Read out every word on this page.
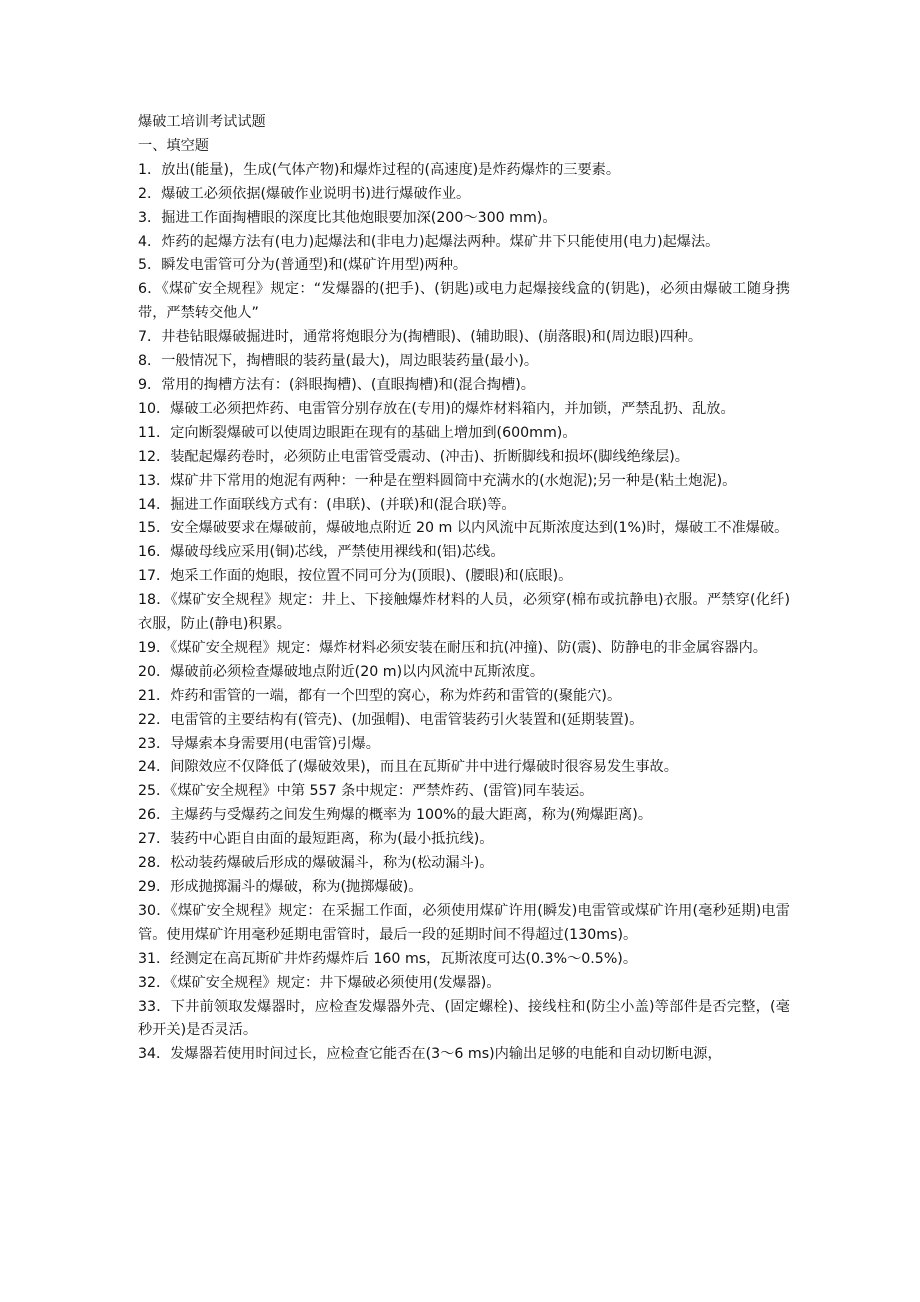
爆破工培训考试试题

一、填空题

1．放出(能量)，生成(气体产物)和爆炸过程的(高速度)是炸药爆炸的三要素。

2．爆破工必须依据(爆破作业说明书)进行爆破作业。

3．掘进工作面掏槽眼的深度比其他炮眼要加深(200～300 mm)。

4．炸药的起爆方法有(电力)起爆法和(非电力)起爆法两种。煤矿井下只能使用(电力)起爆法。

5．瞬发电雷管可分为(普通型)和(煤矿许用型)两种。

6．《煤矿安全规程》规定：“发爆器的(把手)、(钥匙)或电力起爆接线盒的(钥匙)，必须由爆破工随身携带，严禁转交他人”

7．井巷钻眼爆破掘进时，通常将炮眼分为(掏槽眼)、(辅助眼)、(崩落眼)和(周边眼)四种。

8．一般情况下，掏槽眼的装药量(最大)，周边眼装药量(最小)。

9．常用的掏槽方法有：(斜眼掏槽)、(直眼掏槽)和(混合掏槽)。

10．爆破工必须把炸药、电雷管分别存放在(专用)的爆炸材料箱内，并加锁，严禁乱扔、乱放。

11．定向断裂爆破可以使周边眼距在现有的基础上增加到(600mm)。

12．装配起爆药卷时，必须防止电雷管受震动、(冲击)、折断脚线和损坏(脚线绝缘层)。

13．煤矿井下常用的炮泥有两种：一种是在塑料圆筒中充满水的(水炮泥);另一种是(粘土炮泥)。

14．掘进工作面联线方式有：(串联)、(并联)和(混合联)等。

15．安全爆破要求在爆破前，爆破地点附近 20 m 以内风流中瓦斯浓度达到(1%)时，爆破工不准爆破。

16．爆破母线应采用(铜)芯线，严禁使用裸线和(铝)芯线。

17．炮采工作面的炮眼，按位置不同可分为(顶眼)、(腰眼)和(底眼)。

18．《煤矿安全规程》规定：井上、下接触爆炸材料的人员，必须穿(棉布或抗静电)衣服。严禁穿(化纤)衣服，防止(静电)积累。

19．《煤矿安全规程》规定：爆炸材料必须安装在耐压和抗(冲撞)、防(震)、防静电的非金属容器内。

20．爆破前必须检查爆破地点附近(20 m)以内风流中瓦斯浓度。

21．炸药和雷管的一端，都有一个凹型的窝心，称为炸药和雷管的(聚能穴)。

22．电雷管的主要结构有(管壳)、(加强帽)、电雷管装药引火装置和(延期装置)。

23．导爆索本身需要用(电雷管)引爆。

24．间隙效应不仅降低了(爆破效果)，而且在瓦斯矿井中进行爆破时很容易发生事故。

25．《煤矿安全规程》中第 557 条中规定：严禁炸药、(雷管)同车装运。

26．主爆药与受爆药之间发生殉爆的概率为 100%的最大距离，称为(殉爆距离)。

27．装药中心距自由面的最短距离，称为(最小抵抗线)。

28．松动装药爆破后形成的爆破漏斗，称为(松动漏斗)。

29．形成抛掷漏斗的爆破，称为(抛掷爆破)。

30．《煤矿安全规程》规定：在采掘工作面，必须使用煤矿许用(瞬发)电雷管或煤矿许用(毫秒延期)电雷管。使用煤矿许用毫秒延期电雷管时，最后一段的延期时间不得超过(130ms)。

31．经测定在高瓦斯矿井炸药爆炸后 160 ms，瓦斯浓度可达(0.3%～0.5%)。

32．《煤矿安全规程》规定：井下爆破必须使用(发爆器)。

33．下井前领取发爆器时，应检查发爆器外壳、(固定螺栓)、接线柱和(防尘小盖)等部件是否完整，(毫秒开关)是否灵活。

34．发爆器若使用时间过长，应检查它能否在(3～6 ms)内输出足够的电能和自动切断电源，
